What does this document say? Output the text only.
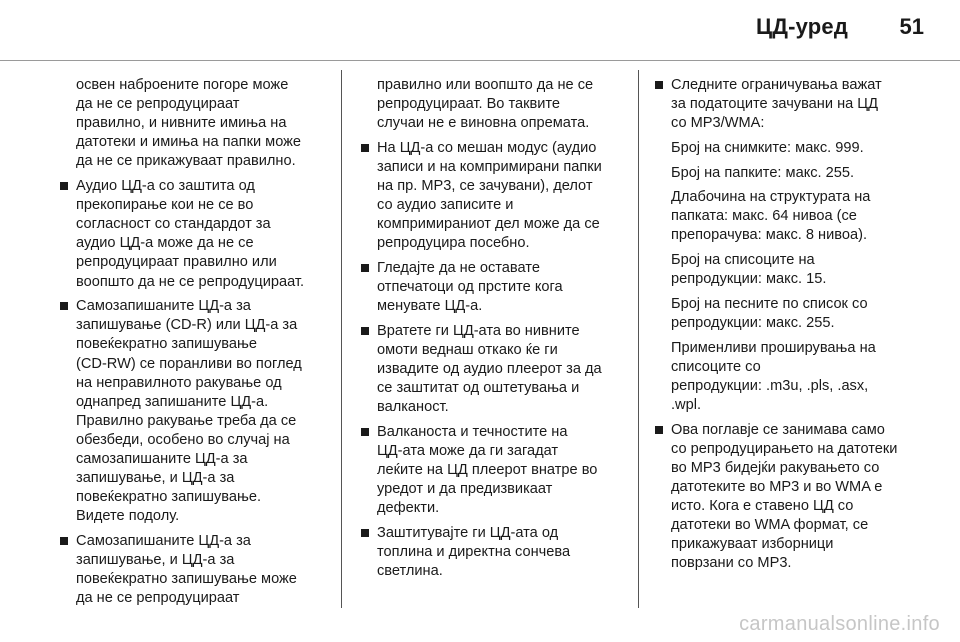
ЦД-уред 51
освен наброените погоре може
да не се репродуцираат
правилно, и нивните имиња на
датотеки и имиња на папки може
да не се прикажуваат правилно.
Аудио ЦД-а со заштита од
прекопирање кои не се во
согласност со стандардот за
аудио ЦД-а може да не се
репродуцираат правилно или
воопшто да не се репродуцираат.
Самозапишаните ЦД-а за
запишување (CD-R) или ЦД-а за
повеќекратно запишување
(CD-RW) се поранливи во поглед
на неправилното ракување од
однапред запишаните ЦД-а.
Правилно ракување треба да се
обезбеди, особено во случај на
самозапишаните ЦД-а за
запишување, и ЦД-а за
повеќекратно запишување.
Видете подолу.
Самозапишаните ЦД-а за
запишување, и ЦД-а за
повеќекратно запишување може
да не се репродуцираат
правилно или воопшто да не се
репродуцираат. Во таквите
случаи не е виновна опремата.
На ЦД-а со мешан модус (аудио
записи и на компримирани папки
на пр. MP3, се зачувани), делот
со аудио записите и
компримираниот дел може да се
репродуцира посебно.
Гледајте да не оставате
отпечатоци од прстите кога
менувате ЦД-а.
Вратете ги ЦД-ата во нивните
омоти веднаш откако ќе ги
извадите од аудио плеерот за да
се заштитат од оштетувања и
валканост.
Валканоста и течностите на
ЦД-ата може да ги загадат
леќите на ЦД плеерот внатре во
уредот и да предизвикаат
дефекти.
Заштитувајте ги ЦД-ата од
топлина и директна сончева
светлина.
Следните ограничувања важат
за податоците зачувани на ЦД
со MP3/WMA:
Број на снимките: макс. 999.
Број на папките: макс. 255.
Длабочина на структурата на
папката: макс. 64 нивоа (се
препорачува: макс. 8 нивоа).
Број на списоците на
репродукции: макс. 15.
Број на песните по список со
репродукции: макс. 255.
Применливи проширувања на
списоците со
репродукции: .m3u, .pls, .asx,
.wpl.
Ова поглавје се занимава само
со репродуцирањето на датотеки
во MP3 бидејќи ракувањето со
датотеките во MP3 и во WMA е
исто. Кога е ставено ЦД со
датотеки во WMA формат, се
прикажуваат изборници
поврзани со MP3.
carmanualsonline.info
